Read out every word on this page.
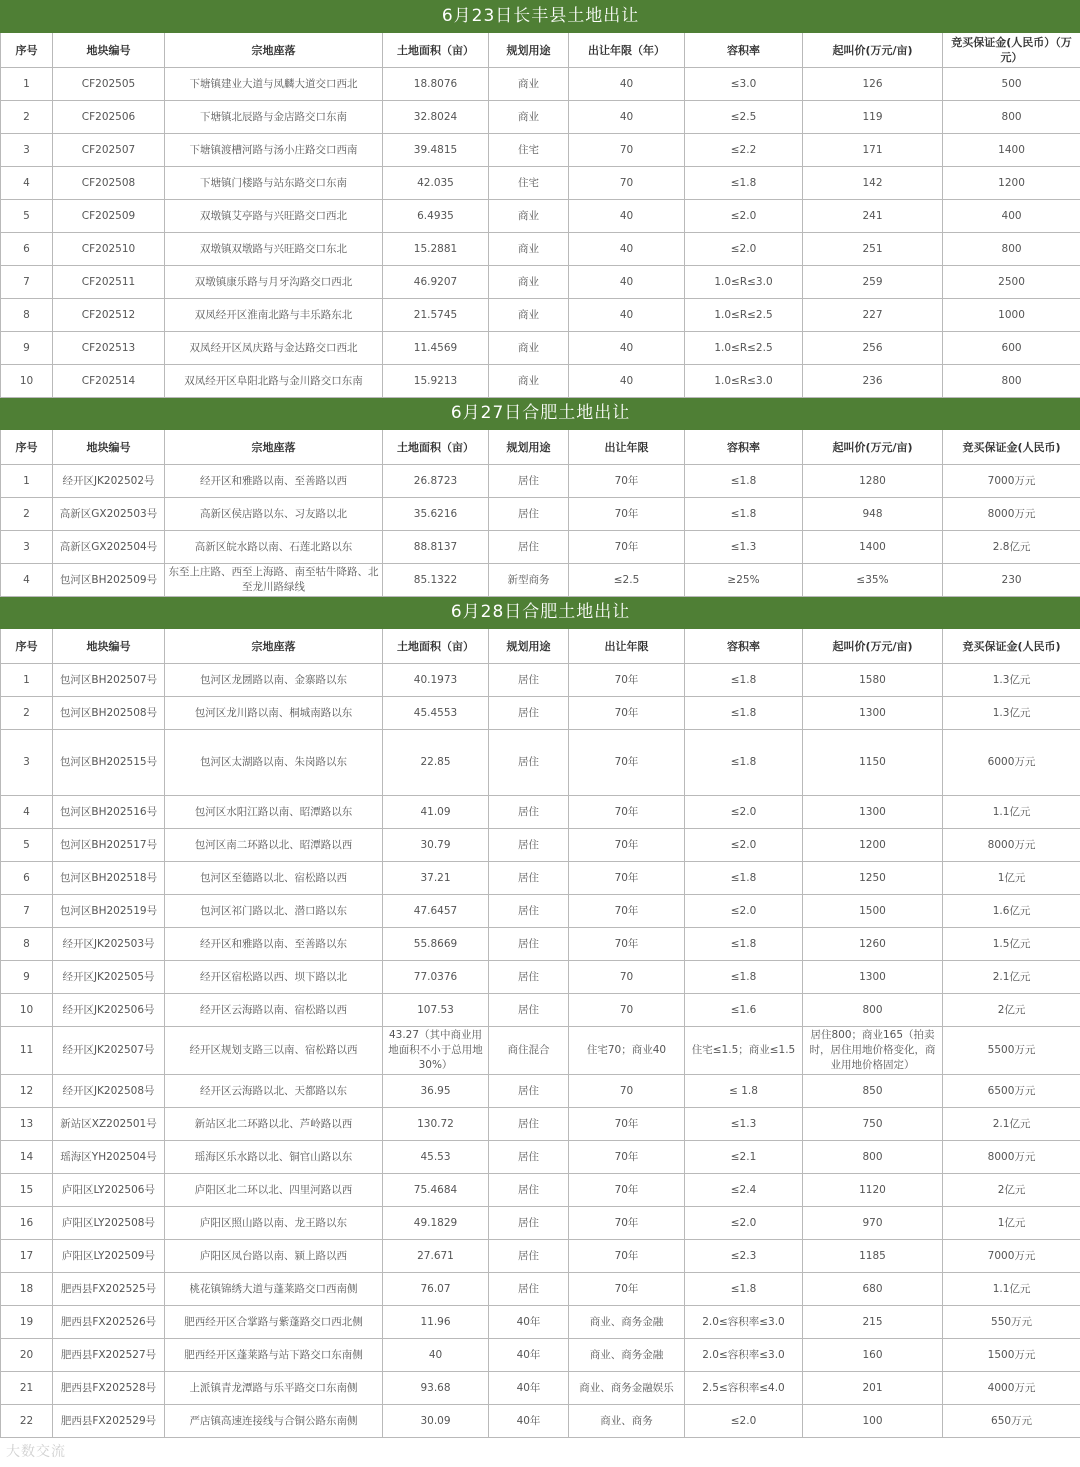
6月23日长丰县土地出让								
序号	地块编号	宗地座落	土地面积（亩）	规划用途	出让年限（年）	容积率	起叫价(万元/亩)	竞买保证金(人民币）（万元）
1	CF202505	下塘镇建业大道与凤麟大道交口西北	18.8076	商业	40	≤3.0	126	500
2	CF202506	下塘镇北辰路与金店路交口东南	32.8024	商业	40	≤2.5	119	800
3	CF202507	下塘镇渡槽河路与汤小庄路交口西南	39.4815	住宅	70	≤2.2	171	1400
4	CF202508	下塘镇门楼路与站东路交口东南	42.035	住宅	70	≤1.8	142	1200
5	CF202509	双墩镇艾亭路与兴旺路交口西北	6.4935	商业	40	≤2.0	241	400
6	CF202510	双墩镇双墩路与兴旺路交口东北	15.2881	商业	40	≤2.0	251	800
7	CF202511	双墩镇康乐路与月牙沟路交口西北	46.9207	商业	40	1.0≤R≤3.0	259	2500
8	CF202512	双凤经开区淮南北路与丰乐路东北	21.5745	商业	40	1.0≤R≤2.5	227	1000
9	CF202513	双凤经开区凤庆路与金达路交口西北	11.4569	商业	40	1.0≤R≤2.5	256	600
10	CF202514	双凤经开区阜阳北路与金川路交口东南	15.9213	商业	40	1.0≤R≤3.0	236	800
6月27日合肥土地出让								
序号	地块编号	宗地座落	土地面积（亩）	规划用途	出让年限	容积率	起叫价(万元/亩)	竞买保证金(人民币)
1	经开区JK202502号	经开区和雅路以南、至善路以西	26.8723	居住	70年	≤1.8	1280	7000万元
2	高新区GX202503号	高新区侯店路以东、习友路以北	35.6216	居住	70年	≤1.8	948	8000万元
3	高新区GX202504号	高新区皖水路以南、石莲北路以东	88.8137	居住	70年	≤1.3	1400	2.8亿元
4	包河区BH202509号	东至上庄路、西至上海路、南至牯牛降路、北至龙川路绿线	85.1322	新型商务	≤2.5	≥25%	≤35%	230
6月28日合肥土地出让								
序号	地块编号	宗地座落	土地面积（亩）	规划用途	出让年限	容积率	起叫价(万元/亩)	竞买保证金(人民币)
1	包河区BH202507号	包河区龙圐路以南、金寨路以东	40.1973	居住	70年	≤1.8	1580	1.3亿元
2	包河区BH202508号	包河区龙川路以南、桐城南路以东	45.4553	居住	70年	≤1.8	1300	1.3亿元
3	包河区BH202515号	包河区太湖路以南、朱岗路以东	22.85	居住	70年	≤1.8	1150	6000万元
4	包河区BH202516号	包河区水阳江路以南、昭潭路以东	41.09	居住	70年	≤2.0	1300	1.1亿元
5	包河区BH202517号	包河区南二环路以北、昭潭路以西	30.79	居住	70年	≤2.0	1200	8000万元
6	包河区BH202518号	包河区至德路以北、宿松路以西	37.21	居住	70年	≤1.8	1250	1亿元
7	包河区BH202519号	包河区祁门路以北、潜口路以东	47.6457	居住	70年	≤2.0	1500	1.6亿元
8	经开区JK202503号	经开区和雅路以南、至善路以东	55.8669	居住	70年	≤1.8	1260	1.5亿元
9	经开区JK202505号	经开区宿松路以西、坝下路以北	77.0376	居住	70	≤1.8	1300	2.1亿元
10	经开区JK202506号	经开区云海路以南、宿松路以西	107.53	居住	70	≤1.6	800	2亿元
11	经开区JK202507号	经开区规划支路三以南、宿松路以西	43.27（其中商业用地面积不小于总用地30%）	商住混合	住宅70；商业40	住宅≤1.5；商业≤1.5	居住800；商业165（拍卖时，居住用地价格变化，商业用地价格固定）	5500万元
12	经开区JK202508号	经开区云海路以北、天都路以东	36.95	居住	70	≤ 1.8	850	6500万元
13	新站区XZ202501号	新站区北二环路以北、芦岭路以西	130.72	居住	70年	≤1.3	750	2.1亿元
14	瑶海区YH202504号	瑶海区乐水路以北、铜官山路以东	45.53	居住	70年	≤2.1	800	8000万元
15	庐阳区LY202506号	庐阳区北二环以北、四里河路以西	75.4684	居住	70年	≤2.4	1120	2亿元
16	庐阳区LY202508号	庐阳区照山路以南、龙王路以东	49.1829	居住	70年	≤2.0	970	1亿元
17	庐阳区LY202509号	庐阳区凤台路以南、颍上路以西	27.671	居住	70年	≤2.3	1185	7000万元
18	肥西县FX202525号	桃花镇锦绣大道与蓬莱路交口西南侧	76.07	居住	70年	≤1.8	680	1.1亿元
19	肥西县FX202526号	肥西经开区合掌路与紫蓬路交口西北侧	11.96	40年	商业、商务金融	2.0≤容积率≤3.0	215	550万元
20	肥西县FX202527号	肥西经开区蓬莱路与站下路交口东南侧	40	40年	商业、商务金融	2.0≤容积率≤3.0	160	1500万元
21	肥西县FX202528号	上派镇青龙潭路与乐平路交口东南侧	93.68	40年	商业、商务金融娱乐	2.5≤容积率≤4.0	201	4000万元
22	肥西县FX202529号	严店镇高速连接线与合铜公路东南侧	30.09	40年	商业、商务	≤2.0	100	650万元
大数交流
